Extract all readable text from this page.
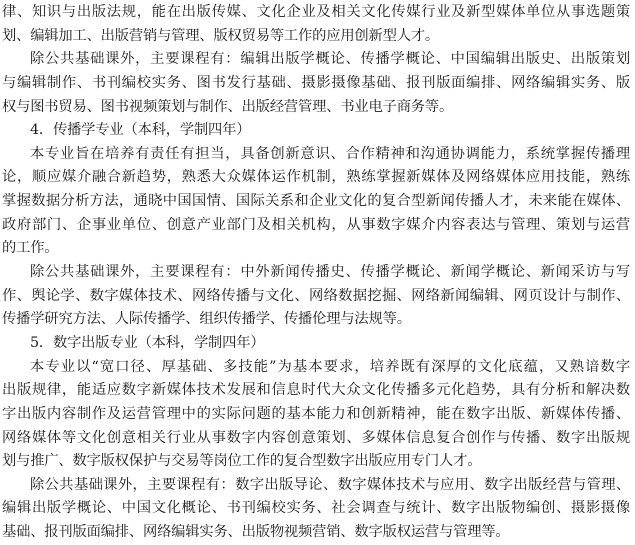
律、知识与出版法规，能在出版传媒、文化企业及相关文化传媒行业及新型媒体单位从事选题策
划、编辑加工、出版营销与管理、版权贸易等工作的应用创新型人才。
除公共基础课外，主要课程有：编辑出版学概论、传播学概论、中国编辑出版史、出版策划
与编辑制作、书刊编校实务、图书发行基础、摄影摄像基础、报刊版面编排、网络编辑实务、版
权与图书贸易、图书视频策划与制作、出版经营管理、书业电子商务等。
4．传播学专业（本科，学制四年）
本专业旨在培养有责任有担当，具备创新意识、合作精神和沟通协调能力，系统掌握传播理
论，顺应媒介融合新趋势，熟悉大众媒体运作机制，熟练掌握新媒体及网络媒体应用技能，熟练
掌握数据分析方法，通晓中国国情、国际关系和企业文化的复合型新闻传播人才，未来能在媒体、
政府部门、企事业单位、创意产业部门及相关机构，从事数字媒介内容表达与管理、策划与运营
的工作。
除公共基础课外，主要课程有：中外新闻传播史、传播学概论、新闻学概论、新闻采访与写
作、舆论学、数字媒体技术、网络传播与文化、网络数据挖掘、网络新闻编辑、网页设计与制作、
传播学研究方法、人际传播学、组织传播学、传播伦理与法规等。
5．数字出版专业（本科，学制四年）
本专业以“宽口径、厚基础、多技能”为基本要求，培养既有深厚的文化底蕴，又熟谙数字
出版规律，能适应数字新媒体技术发展和信息时代大众文化传播多元化趋势，具有分析和解决数
字出版内容制作及运营管理中的实际问题的基本能力和创新精神，能在数字出版、新媒体传播、
网络媒体等文化创意相关行业从事数字内容创意策划、多媒体信息复合创作与传播、数字出版规
划与推广、数字版权保护与交易等岗位工作的复合型数字出版应用专门人才。
除公共基础课外，主要课程有：数字出版导论、数字媒体技术与应用、数字出版经营与管理、
编辑出版学概论、中国文化概论、书刊编校实务、社会调查与统计、数字出版物编创、摄影摄像
基础、报刊版面编排、网络编辑实务、出版物视频营销、数字版权运营与管理等。
